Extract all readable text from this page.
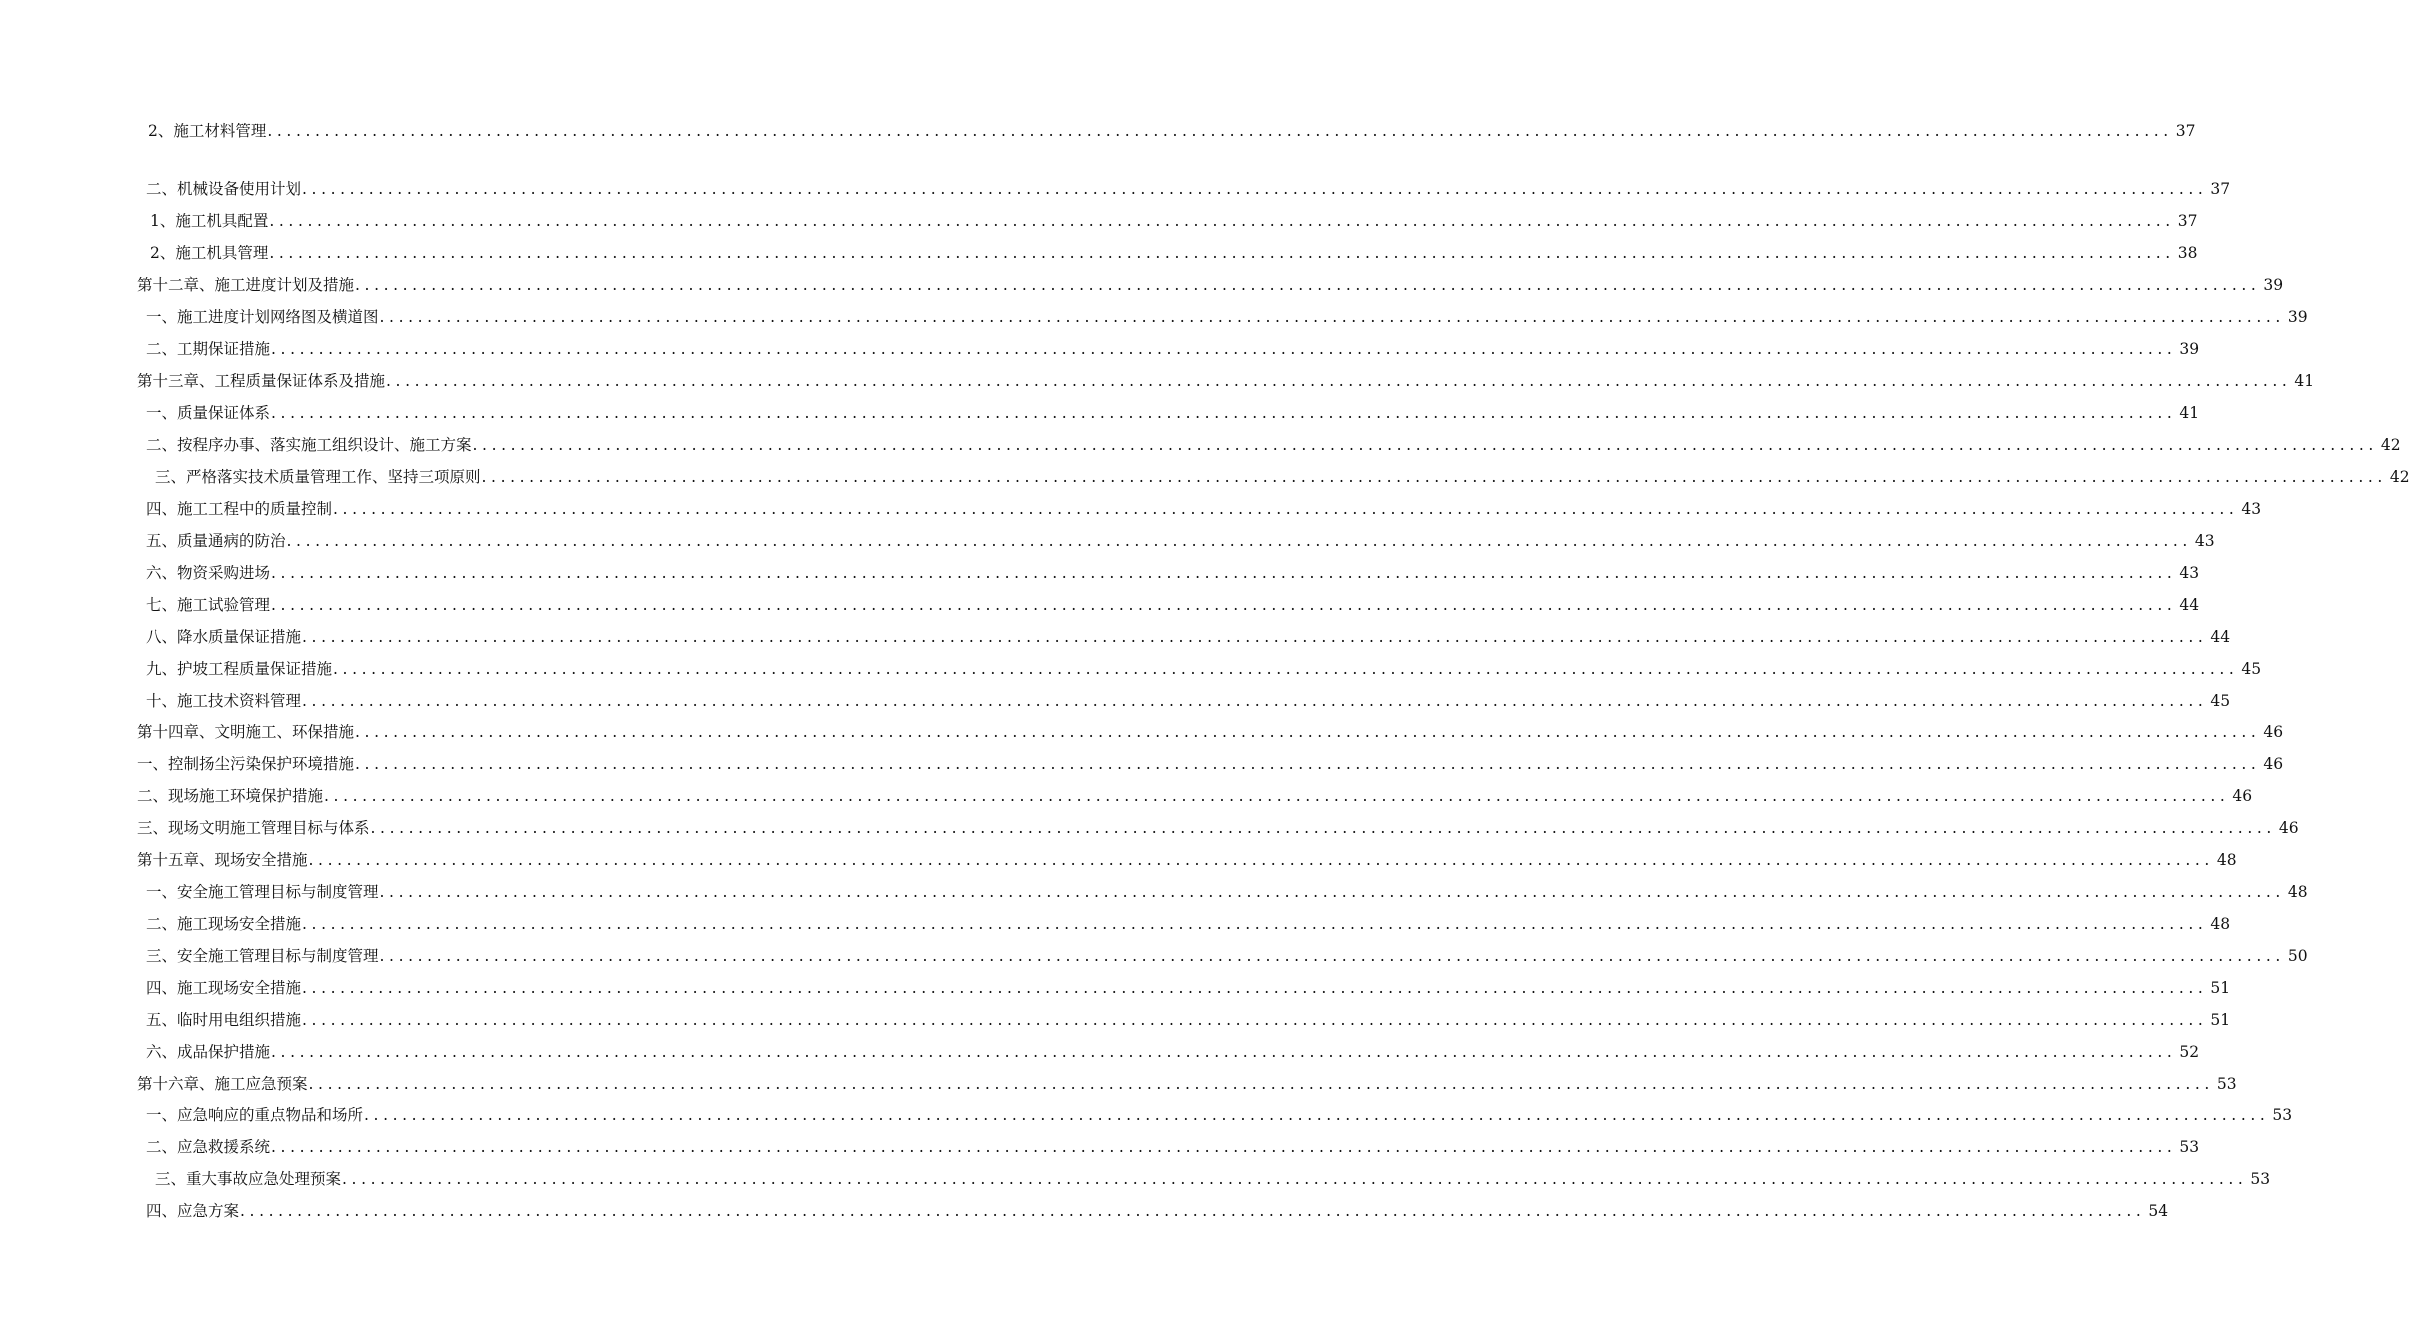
2、施工材料管理 ........................................................................................................................................................................................................ 37
二、机械设备使用计划 ........................................................................................................................................................................................................ 37
1、施工机具配置 ........................................................................................................................................................................................................ 37
2、施工机具管理 ........................................................................................................................................................................................................ 38
第十二章、施工进度计划及措施 ........................................................................................................................................................................................................ 39
一、施工进度计划网络图及横道图 ........................................................................................................................................................................................................ 39
二、工期保证措施 ........................................................................................................................................................................................................ 39
第十三章、工程质量保证体系及措施 ........................................................................................................................................................................................................ 41
一、质量保证体系 ........................................................................................................................................................................................................ 41
二、按程序办事、落实施工组织设计、施工方案 ........................................................................................................................................................................................................ 42
三、严格落实技术质量管理工作、坚持三项原则 ........................................................................................................................................................................................................ 42
四、施工工程中的质量控制 ........................................................................................................................................................................................................ 43
五、质量通病的防治 ........................................................................................................................................................................................................ 43
六、物资采购进场 ........................................................................................................................................................................................................ 43
七、施工试验管理 ........................................................................................................................................................................................................ 44
八、降水质量保证措施 ........................................................................................................................................................................................................ 44
九、护坡工程质量保证措施 ........................................................................................................................................................................................................ 45
十、施工技术资料管理 ........................................................................................................................................................................................................ 45
第十四章、文明施工、环保措施 ........................................................................................................................................................................................................ 46
一、控制扬尘污染保护环境措施 ........................................................................................................................................................................................................ 46
二、现场施工环境保护措施 ........................................................................................................................................................................................................ 46
三、现场文明施工管理目标与体系 ........................................................................................................................................................................................................ 46
第十五章、现场安全措施 ........................................................................................................................................................................................................ 48
一、安全施工管理目标与制度管理 ........................................................................................................................................................................................................ 48
二、施工现场安全措施 ........................................................................................................................................................................................................ 48
三、安全施工管理目标与制度管理 ........................................................................................................................................................................................................ 50
四、施工现场安全措施 ........................................................................................................................................................................................................ 51
五、临时用电组织措施 ........................................................................................................................................................................................................ 51
六、成品保护措施 ........................................................................................................................................................................................................ 52
第十六章、施工应急预案 ........................................................................................................................................................................................................ 53
一、应急响应的重点物品和场所 ........................................................................................................................................................................................................ 53
二、应急救援系统 ........................................................................................................................................................................................................ 53
三、重大事故应急处理预案 ........................................................................................................................................................................................................ 53
四、应急方案 ........................................................................................................................................................................................................ 54
